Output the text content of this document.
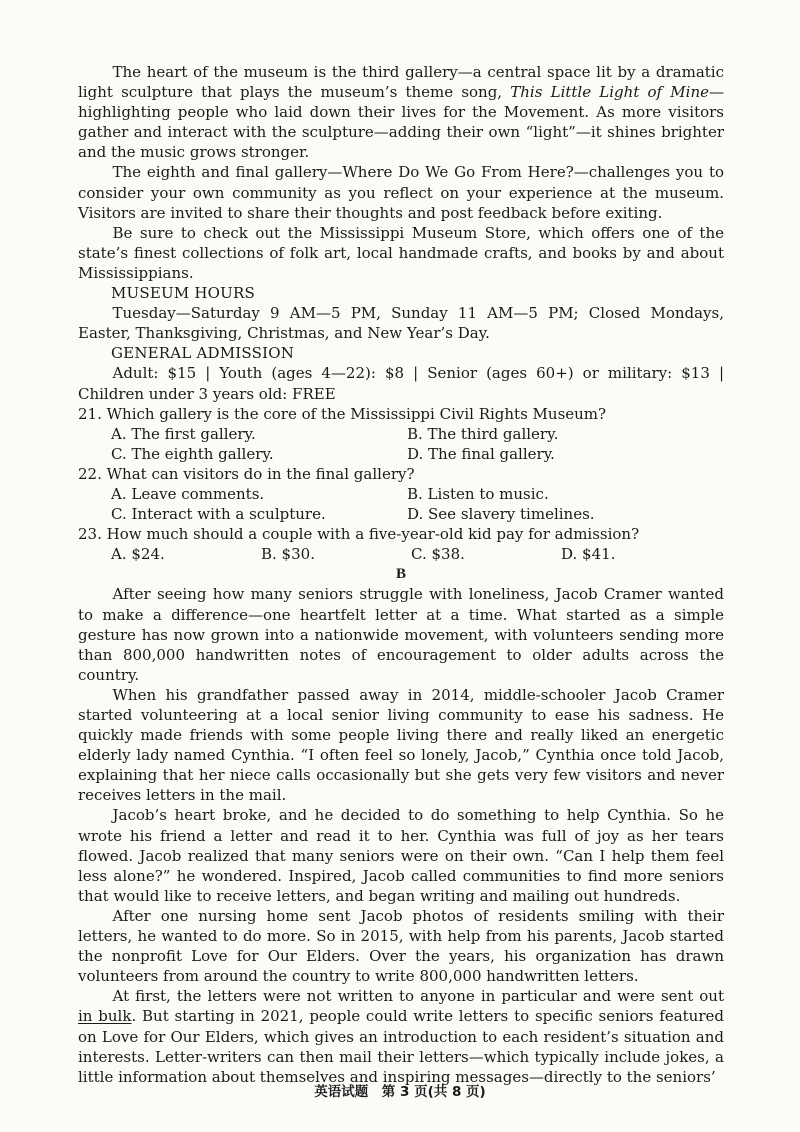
The heart of the museum is the third gallery—a central space lit by a dramatic light sculpture that plays the museum’s theme song, This Little Light of Mine—highlighting people who laid down their lives for the Movement. As more visitors gather and interact with the sculpture—adding their own “light”—it shines brighter and the music grows stronger.

The eighth and final gallery—Where Do We Go From Here?—challenges you to consider your own community as you reflect on your experience at the museum. Visitors are invited to share their thoughts and post feedback before exiting.

Be sure to check out the Mississippi Museum Store, which offers one of the state’s finest collections of folk art, local handmade crafts, and books by and about Mississippians.

MUSEUM HOURS

Tuesday—Saturday 9 AM—5 PM, Sunday 11 AM—5 PM; Closed Mondays, Easter, Thanksgiving, Christmas, and New Year’s Day.

GENERAL ADMISSION

Adult: $15 | Youth (ages 4—22): $8 | Senior (ages 60+) or military: $13 | Children under 3 years old: FREE

21. Which gallery is the core of the Mississippi Civil Rights Museum?

A. The first gallery.	B. The third gallery.
C. The eighth gallery.	D. The final gallery.

22. What can visitors do in the final gallery?

A. Leave comments.	B. Listen to music.
C. Interact with a sculpture.	D. See slavery timelines.

23. How much should a couple with a five-year-old kid pay for admission?

A. $24.	B. $30.	C. $38.	D. $41.

B

After seeing how many seniors struggle with loneliness, Jacob Cramer wanted to make a difference—one heartfelt letter at a time. What started as a simple gesture has now grown into a nationwide movement, with volunteers sending more than 800,000 handwritten notes of encouragement to older adults across the country.

When his grandfather passed away in 2014, middle-schooler Jacob Cramer started volunteering at a local senior living community to ease his sadness. He quickly made friends with some people living there and really liked an energetic elderly lady named Cynthia. “I often feel so lonely, Jacob,” Cynthia once told Jacob, explaining that her niece calls occasionally but she gets very few visitors and never receives letters in the mail.

Jacob’s heart broke, and he decided to do something to help Cynthia. So he wrote his friend a letter and read it to her. Cynthia was full of joy as her tears flowed. Jacob realized that many seniors were on their own. “Can I help them feel less alone?” he wondered. Inspired, Jacob called communities to find more seniors that would like to receive letters, and began writing and mailing out hundreds.

After one nursing home sent Jacob photos of residents smiling with their letters, he wanted to do more. So in 2015, with help from his parents, Jacob started the nonprofit Love for Our Elders. Over the years, his organization has drawn volunteers from around the country to write 800,000 handwritten letters.

At first, the letters were not written to anyone in particular and were sent out in bulk. But starting in 2021, people could write letters to specific seniors featured on Love for Our Elders, which gives an introduction to each resident’s situation and interests. Letter-writers can then mail their letters—which typically include jokes, a little information about themselves and inspiring messages—directly to the seniors’

英语试题　第 3 页(共 8 页)
